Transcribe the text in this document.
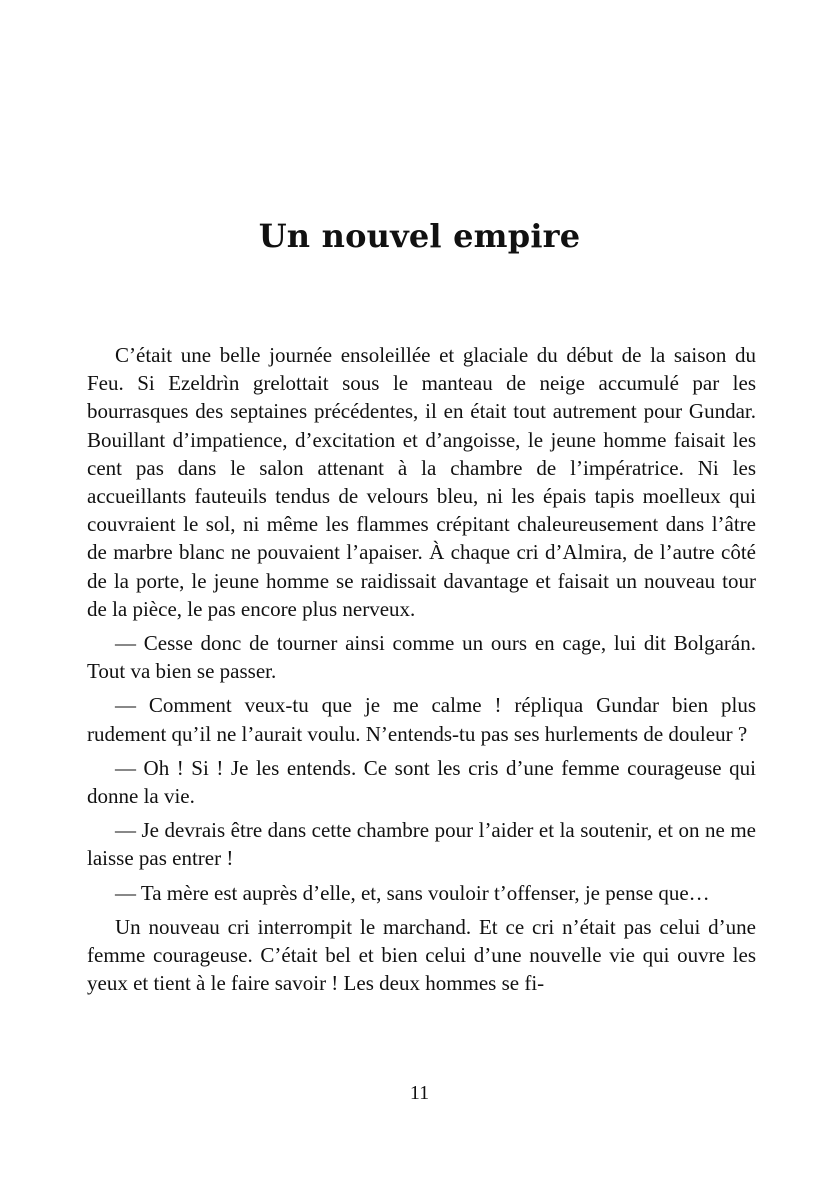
Un nouvel empire

C’était une belle journée ensoleillée et glaciale du début de la saison du Feu. Si Ezeldrìn grelottait sous le manteau de neige accumulé par les bourrasques des septaines précédentes, il en était tout autrement pour Gundar. Bouillant d’impatience, d’excitation et d’angoisse, le jeune homme faisait les cent pas dans le salon attenant à la chambre de l’impératrice. Ni les accueillants fauteuils tendus de velours bleu, ni les épais tapis moelleux qui couvraient le sol, ni même les flammes crépitant chaleureusement dans l’âtre de marbre blanc ne pouvaient l’apaiser. À chaque cri d’Almira, de l’autre côté de la porte, le jeune homme se raidissait davantage et faisait un nouveau tour de la pièce, le pas encore plus nerveux.

— Cesse donc de tourner ainsi comme un ours en cage, lui dit Bolgarán. Tout va bien se passer.

— Comment veux-tu que je me calme ! répliqua Gundar bien plus rudement qu’il ne l’aurait voulu. N’entends-tu pas ses hurlements de douleur ?

— Oh ! Si ! Je les entends. Ce sont les cris d’une femme courageuse qui donne la vie.

— Je devrais être dans cette chambre pour l’aider et la soutenir, et on ne me laisse pas entrer !

— Ta mère est auprès d’elle, et, sans vouloir t’offenser, je pense que…

Un nouveau cri interrompit le marchand. Et ce cri n’était pas celui d’une femme courageuse. C’était bel et bien celui d’une nouvelle vie qui ouvre les yeux et tient à le faire savoir ! Les deux hommes se fi-

11
